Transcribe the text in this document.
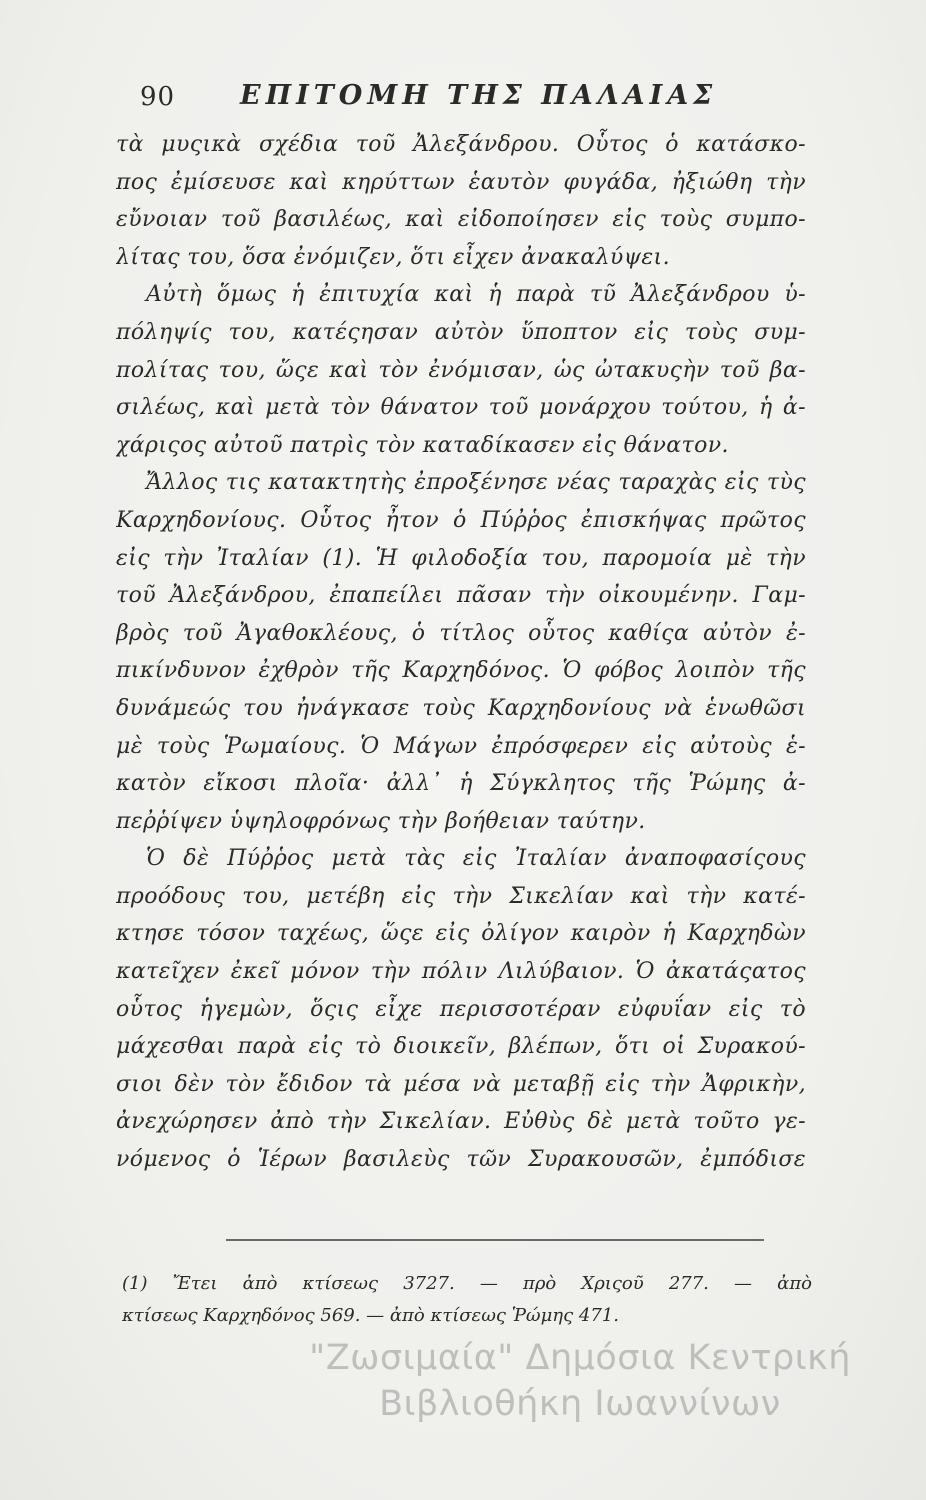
90 ΕΠΙΤΟΜΗ ΤΗΣ ΠΑΛΑΙΑΣ
τὰ μυςικὰ σχέδια τοῦ Ἀλεξάνδρου. Οὗτος ὁ κατάσκο-
πος ἐμίσευσε καὶ κηρύττων ἑαυτὸν φυγάδα, ἠξιώθη τὴν
εὔνοιαν τοῦ βασιλέως, καὶ εἰδοποίησεν εἰς τοὺς συμπο-
λίτας του, ὅσα ἐνόμιζεν, ὅτι εἶχεν ἀνακαλύψει.
Αὐτὴ ὅμως ἡ ἐπιτυχία καὶ ἡ παρὰ τῦ Ἀλεξάνδρου ὑ-
πόληψίς του, κατέςησαν αὐτὸν ὕποπτον εἰς τοὺς συμ-
πολίτας του, ὥςε καὶ τὸν ἐνόμισαν, ὡς ὠτακυςὴν τοῦ βα-
σιλέως, καὶ μετὰ τὸν θάνατον τοῦ μονάρχου τούτου, ἡ ἀ-
χάριςος αὐτοῦ πατρὶς τὸν καταδίκασεν εἰς θάνατον.
Ἄλλος τις κατακτητὴς ἐπροξένησε νέας ταραχὰς εἰς τὺς
Καρχηδονίους. Οὗτος ἦτον ὁ Πύῤῥος ἐπισκήψας πρῶτος
εἰς τὴν Ἰταλίαν (1). Ἡ φιλοδοξία του, παρομοία μὲ τὴν
τοῦ Ἀλεξάνδρου, ἐπαπείλει πᾶσαν τὴν οἰκουμένην. Γαμ-
βρὸς τοῦ Ἀγαθοκλέους, ὁ τίτλος οὗτος καθίςα αὐτὸν ἐ-
πικίνδυνον ἐχθρὸν τῆς Καρχηδόνος. Ὁ φόβος λοιπὸν τῆς
δυνάμεώς του ἠνάγκασε τοὺς Καρχηδονίους νὰ ἑνωθῶσι
μὲ τοὺς Ῥωμαίους. Ὁ Μάγων ἐπρόσφερεν εἰς αὐτοὺς ἑ-
κατὸν εἴκοσι πλοῖα· ἀλλ᾽ ἡ Σύγκλητος τῆς Ῥώμης ἀ-
πεῤῥίψεν ὑψηλοφρόνως τὴν βοήθειαν ταύτην.
Ὁ δὲ Πύῤῥος μετὰ τὰς εἰς Ἰταλίαν ἀναποφασίςους
προόδους του, μετέβη εἰς τὴν Σικελίαν καὶ τὴν κατέ-
κτησε τόσον ταχέως, ὥςε εἰς ὀλίγον καιρὸν ἡ Καρχηδὼν
κατεῖχεν ἐκεῖ μόνον τὴν πόλιν Λιλύβαιον. Ὁ ἀκατάςατος
οὗτος ἡγεμὼν, ὅςις εἶχε περισσοτέραν εὐφυΐαν εἰς τὸ
μάχεσθαι παρὰ εἰς τὸ διοικεῖν, βλέπων, ὅτι οἱ Συρακού-
σιοι δὲν τὸν ἔδιδον τὰ μέσα νὰ μεταβῇ εἰς τὴν Ἀφρικὴν,
ἀνεχώρησεν ἀπὸ τὴν Σικελίαν. Εὐθὺς δὲ μετὰ τοῦτο γε-
νόμενος ὁ Ἱέρων βασιλεὺς τῶν Συρακουσῶν, ἐμπόδισε
(1) Ἔτει ἀπὸ κτίσεως 3727. — πρὸ Χριςοῦ 277. — ἀπὸ
κτίσεως Καρχηδόνος 569. — ἀπὸ κτίσεως Ῥώμης 471.
"Ζωσιμαία" Δημόσια Κεντρική
Βιβλιοθήκη Ιωαννίνων
